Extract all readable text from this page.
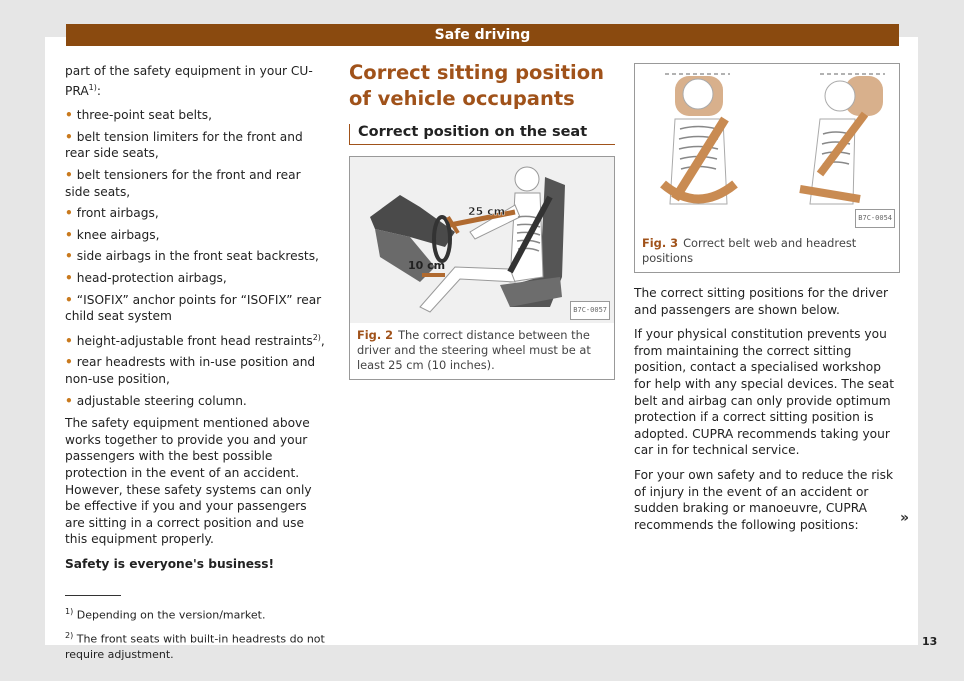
Safe driving

part of the safety equipment in your CU-PRA$^{1)}$:

• three-point seat belts,
• belt tension limiters for the front and rear side seats,
• belt tensioners for the front and rear side seats,
• front airbags,
• knee airbags,
• side airbags in the front seat backrests,
• head-protection airbags,
• “ISOFIX” anchor points for “ISOFIX” rear child seat system
• height-adjustable front head restraints$^{2)}$,
• rear headrests with in-use position and non-use position,
• adjustable steering column.

The safety equipment mentioned above works together to provide you and your passengers with the best possible protection in the event of an accident. However, these safety systems can only be effective if you and your passengers are sitting in a correct position and use this equipment properly.

Safety is everyone's business!

$^{1)}$ Depending on the version/market.
$^{2)}$ The front seats with built-in headrests do not require adjustment.
Correct sitting position of vehicle occupants
Correct position on the seat
25 cm
10 cm
B7C-0057
Fig. 2 The correct distance between the driver and the steering wheel must be at least 25 cm (10 inches).
B7C-0054
Fig. 3 Correct belt web and headrest positions

The correct sitting positions for the driver and passengers are shown below.

If your physical constitution prevents you from maintaining the correct sitting position, contact a specialised workshop for help with any special devices. The seat belt and airbag can only provide optimum protection if a correct sitting position is adopted. CUPRA recommends taking your car in for technical service.

For your own safety and to reduce the risk of injury in the event of an accident or sudden braking or manoeuvre, CUPRA recommends the following positions:	»
13
